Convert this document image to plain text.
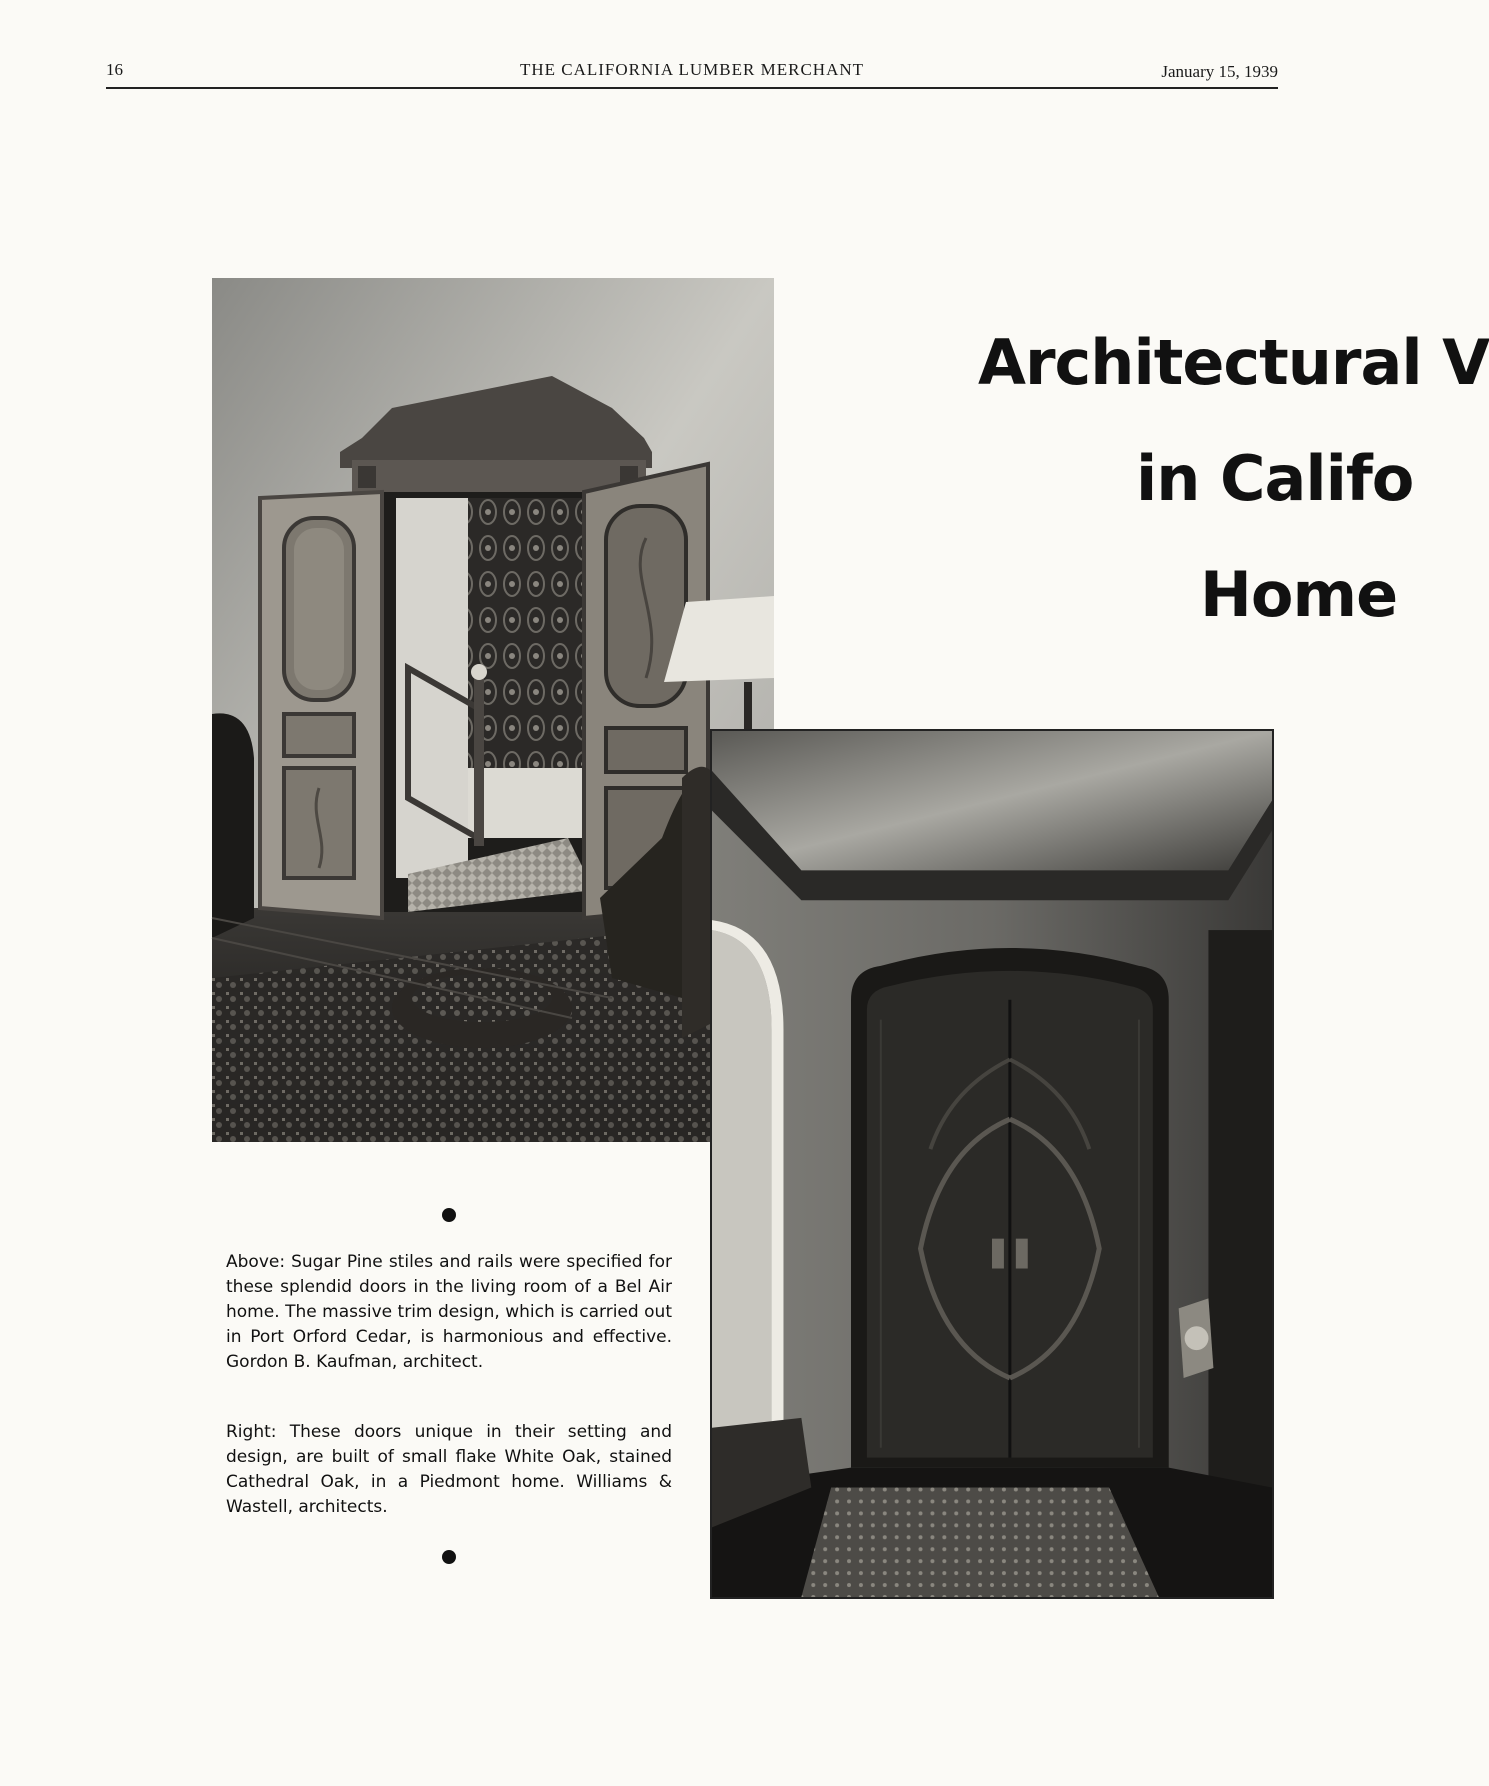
16	THE CALIFORNIA LUMBER MERCHANT	January 15, 1939
Architectural V
in Califo
Home

Above: Sugar Pine stiles and rails were specified for these splendid doors in the living room of a Bel Air home. The massive trim design, which is carried out in Port Orford Cedar, is harmonious and effective. Gordon B. Kaufman, architect.

Right: These doors unique in their setting and design, are built of small flake White Oak, stained Cathedral Oak, in a Piedmont home. Williams & Wastell, architects.
